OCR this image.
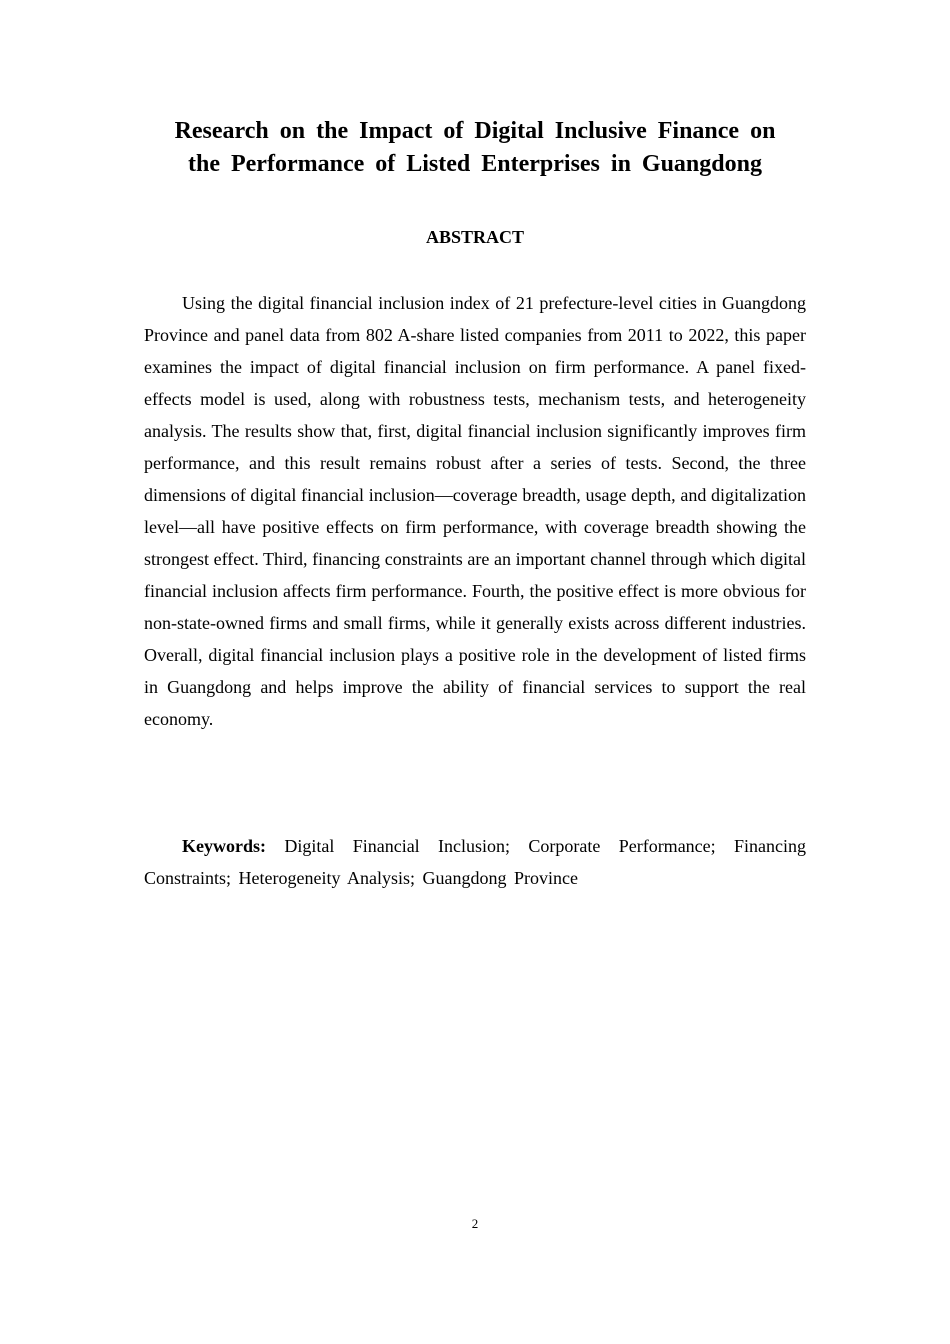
Research on the Impact of Digital Inclusive Finance on
the Performance of Listed Enterprises in Guangdong
ABSTRACT

Using the digital financial inclusion index of 21 prefecture-level cities in Guangdong Province and panel data from 802 A-share listed companies from 2011 to 2022, this paper examines the impact of digital financial inclusion on firm performance. A panel fixed-effects model is used, along with robustness tests, mechanism tests, and heterogeneity analysis. The results show that, first, digital financial inclusion significantly improves firm performance, and this result remains robust after a series of tests. Second, the three dimensions of digital financial inclusion—coverage breadth, usage depth, and digitalization level—all have positive effects on firm performance, with coverage breadth showing the strongest effect. Third, financing constraints are an important channel through which digital financial inclusion affects firm performance. Fourth, the positive effect is more obvious for non-state-owned firms and small firms, while it generally exists across different industries. Overall, digital financial inclusion plays a positive role in the development of listed firms in Guangdong and helps improve the ability of financial services to support the real economy.

Keywords: Digital Financial Inclusion; Corporate Performance; Financing Constraints; Heterogeneity Analysis; Guangdong Province

2
